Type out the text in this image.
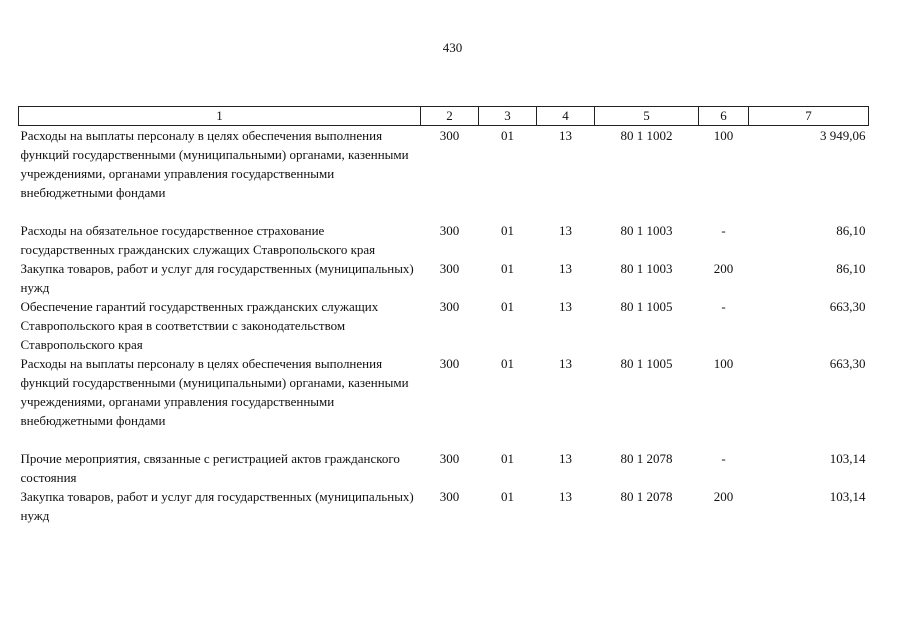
430
1	2	3	4	5	6	7
Расходы на выплаты персоналу в целях обеспечения выполнения функций государственными (муниципальными) органами, казенными учреждениями, органами управления государственными внебюджетными фондами	300	01	13	80 1 1002	100	3 949,06

Расходы на обязательное государственное страхование государственных гражданских служащих Ставропольского края	300	01	13	80 1 1003	-	86,10
Закупка товаров, работ и услуг для государственных (муниципальных) нужд	300	01	13	80 1 1003	200	86,10
Обеспечение гарантий государственных гражданских служащих Ставропольского края в соответствии с законодательством Ставропольского края	300	01	13	80 1 1005	-	663,30
Расходы на выплаты персоналу в целях обеспечения выполнения функций государственными (муниципальными) органами, казенными учреждениями, органами управления государственными внебюджетными фондами	300	01	13	80 1 1005	100	663,30

Прочие мероприятия, связанные с регистрацией актов гражданского состояния	300	01	13	80 1 2078	-	103,14
Закупка товаров, работ и услуг для государственных (муниципальных) нужд	300	01	13	80 1 2078	200	103,14
